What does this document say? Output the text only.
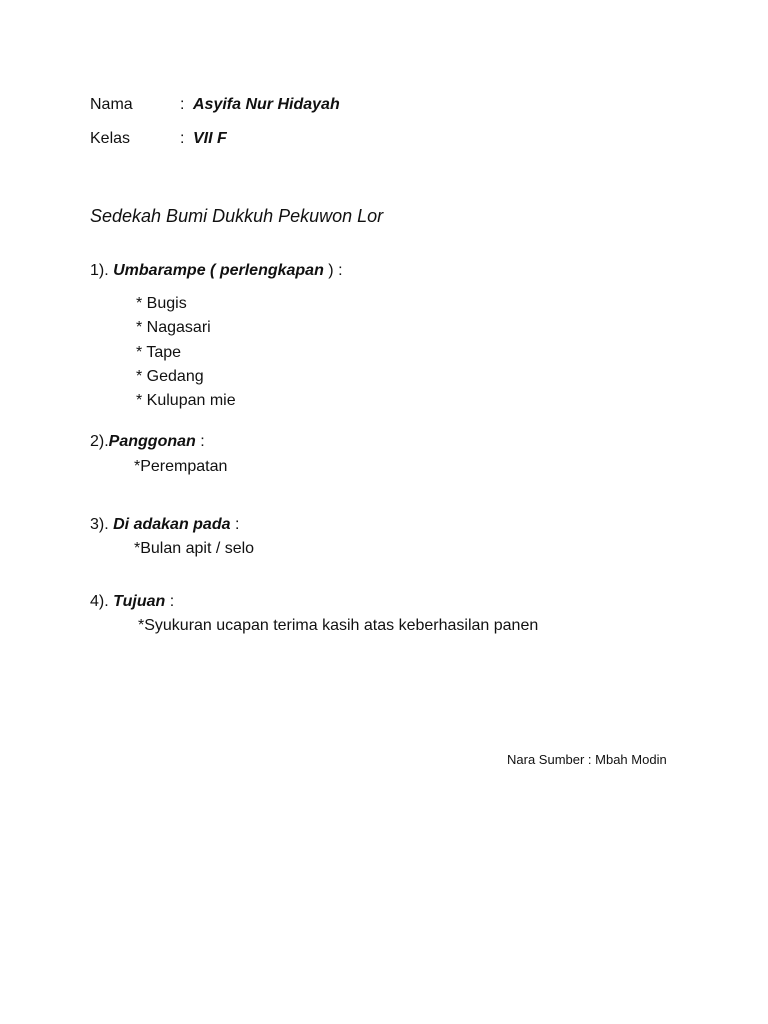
Nama	: Asyifa Nur Hidayah
Kelas	: VII F
Sedekah Bumi Dukkuh Pekuwon Lor
1). Umbarampe ( perlengkapan ) :
* Bugis
* Nagasari
* Tape
* Gedang
* Kulupan mie
2).Panggonan :
*Perempatan
3). Di adakan pada :
*Bulan apit / selo
4). Tujuan :
*Syukuran ucapan terima kasih atas keberhasilan panen
Nara Sumber : Mbah Modin
